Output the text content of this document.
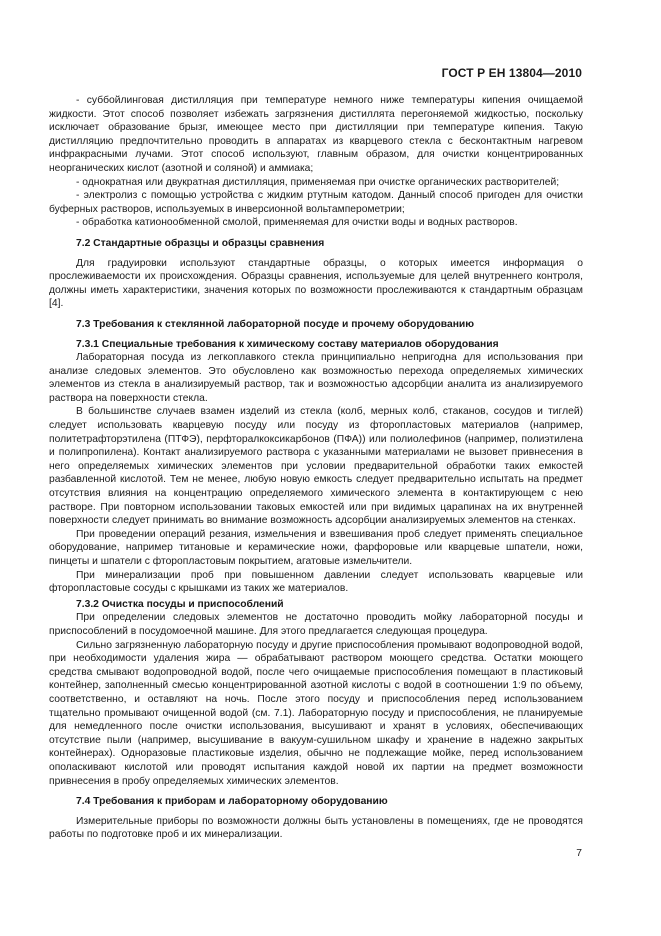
ГОСТ Р ЕН 13804—2010

- суббойлинговая дистилляция при температуре немного ниже температуры кипения очищаемой жидкости. Этот способ позволяет избежать загрязнения дистиллята перегоняемой жидкостью, поскольку исключает образование брызг, имеющее место при дистилляции при температуре кипения. Такую дистилляцию предпочтительно проводить в аппаратах из кварцевого стекла с бесконтактным нагревом инфракрасными лучами. Этот способ используют, главным образом, для очистки концентрированных неорганических кислот (азотной и соляной) и аммиака;

- однократная или двукратная дистилляция, применяемая при очистке органических растворителей;

- электролиз с помощью устройства с жидким ртутным катодом. Данный способ пригоден для очистки буферных растворов, используемых в инверсионной вольтамперометрии;

- обработка катионообменной смолой, применяемая для очистки воды и водных растворов.

7.2 Стандартные образцы и образцы сравнения

Для градуировки используют стандартные образцы, о которых имеется информация о прослеживаемости их происхождения. Образцы сравнения, используемые для целей внутреннего контроля, должны иметь характеристики, значения которых по возможности прослеживаются к стандартным образцам [4].

7.3 Требования к стеклянной лабораторной посуде и прочему оборудованию

7.3.1 Специальные требования к химическому составу материалов оборудования

Лабораторная посуда из легкоплавкого стекла принципиально непригодна для использования при анализе следовых элементов. Это обусловлено как возможностью перехода определяемых химических элементов из стекла в анализируемый раствор, так и возможностью адсорбции аналита из анализируемого раствора на поверхности стекла.

В большинстве случаев взамен изделий из стекла (колб, мерных колб, стаканов, сосудов и тиглей) следует использовать кварцевую посуду или посуду из фторопластовых материалов (например, политетрафторэтилена (ПТФЭ), перфторалкоксикарбонов (ПФА)) или полиолефинов (например, полиэтилена и полипропилена). Контакт анализируемого раствора с указанными материалами не вызовет привнесения в него определяемых химических элементов при условии предварительной обработки таких емкостей разбавленной кислотой. Тем не менее, любую новую емкость следует предварительно испытать на предмет отсутствия влияния на концентрацию определяемого химического элемента в контактирующем с нею растворе. При повторном использовании таковых емкостей или при видимых царапинах на их внутренней поверхности следует принимать во внимание возможность адсорбции анализируемых элементов на стенках.

При проведении операций резания, измельчения и взвешивания проб следует применять специальное оборудование, например титановые и керамические ножи, фарфоровые или кварцевые шпатели, ножи, пинцеты и шпатели с фторопластовым покрытием, агатовые измельчители.

При минерализации проб при повышенном давлении следует использовать кварцевые или фторопластовые сосуды с крышками из таких же материалов.

7.3.2 Очистка посуды и приспособлений

При определении следовых элементов не достаточно проводить мойку лабораторной посуды и приспособлений в посудомоечной машине. Для этого предлагается следующая процедура.

Сильно загрязненную лабораторную посуду и другие приспособления промывают водопроводной водой, при необходимости удаления жира — обрабатывают раствором моющего средства. Остатки моющего средства смывают водопроводной водой, после чего очищаемые приспособления помещают в пластиковый контейнер, заполненный смесью концентрированной азотной кислоты с водой в соотношении 1:9 по объему, соответственно, и оставляют на ночь. После этого посуду и приспособления перед использованием тщательно промывают очищенной водой (см. 7.1). Лабораторную посуду и приспособления, не планируемые для немедленного после очистки использования, высушивают и хранят в условиях, обеспечивающих отсутствие пыли (например, высушивание в вакуум-сушильном шкафу и хранение в надежно закрытых контейнерах). Одноразовые пластиковые изделия, обычно не подлежащие мойке, перед использованием ополаскивают кислотой или проводят испытания каждой новой их партии на предмет возможности привнесения в пробу определяемых химических элементов.

7.4 Требования к приборам и лабораторному оборудованию

Измерительные приборы по возможности должны быть установлены в помещениях, где не проводятся работы по подготовке проб и их минерализации.

7
